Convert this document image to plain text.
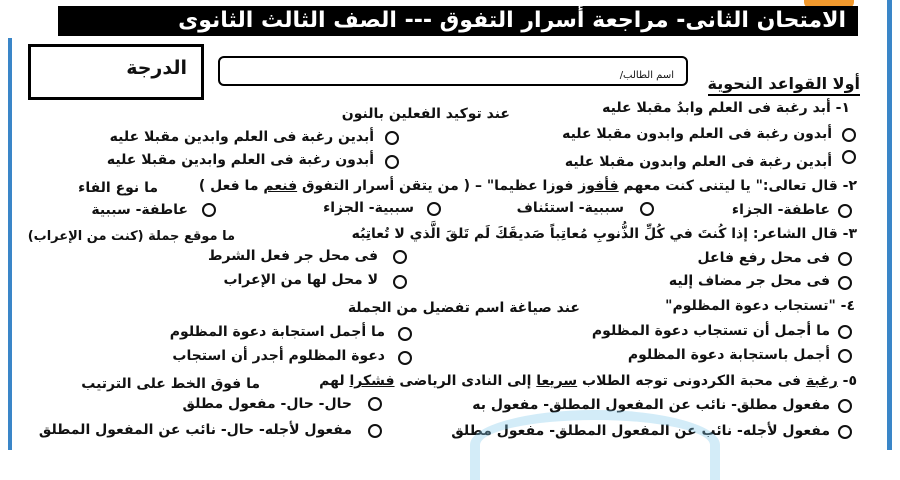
الامتحان الثانى- مراجعة أسرار التفوق --- الصف الثالث الثانوى
الدرجة	اسم الطالب/	أولا القواعد النحوية
١- أبد رغبة فى العلم وابدُ مقبلا عليه
عند توكيد الفعلين بالنون
أبدون رغبة فى العلم وابدون مقبلا عليه
أبدين رغبة فى العلم وابدين مقبلا عليه
أبدين رغبة فى العلم وابدون مقبلا عليه
أبدون رغبة فى العلم وابدين مقبلا عليه
٢- قال تعالى:" يا ليتنى كنت معهم فأفوز فوزا عظيما" – ( من يتقن أسرار التفوق فنعم ما فعل )
ما نوع الفاء
عاطفة- الجزاء
سببية- استئناف
سببية- الجزاء
عاطفة- سببية
٣- قال الشاعر: إذا كُنتَ في كُلِّ الذُّنوبِ مُعاتِباً صَديقَكَ لَم تَلقَ الَّذي لا تُعاتِبُه
ما موقع جملة (كنت من الإعراب)
فى محل رفع فاعل
فى محل جر فعل الشرط
فى محل جر مضاف إليه
لا محل لها من الإعراب
٤- "تستجاب دعوة المظلوم"
عند صياغة اسم تفضيل من الجملة
ما أجمل أن تستجاب دعوة المظلوم
ما أجمل استجابة دعوة المظلوم
أجمل باستجابة دعوة المظلوم
دعوة المظلوم أجدر أن استجاب
٥- رغبة فى محبة الكردونى توجه الطلاب سريعا إلى النادى الرياضى فشكرا لهم
ما فوق الخط على الترتيب
مفعول مطلق- نائب عن المفعول المطلق- مفعول به
حال- حال- مفعول مطلق
مفعول لأجله- نائب عن المفعول المطلق- مفعول مطلق
مفعول لأجله- حال- نائب عن المفعول المطلق
